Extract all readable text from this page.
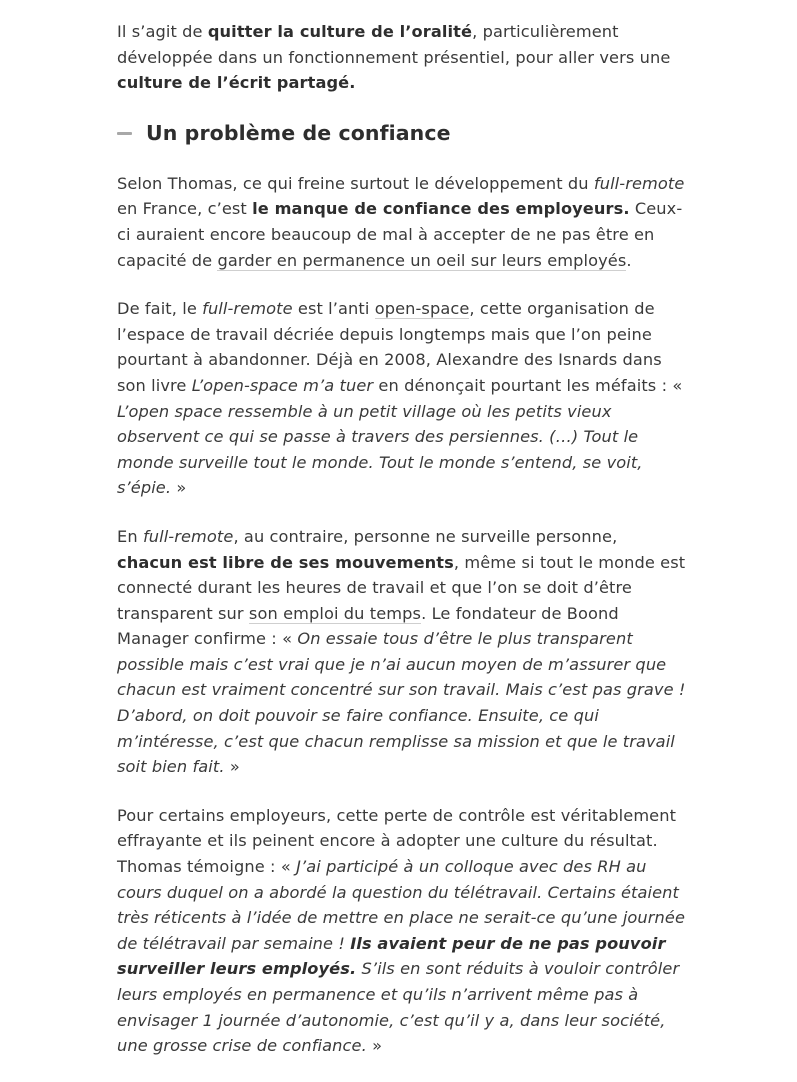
Il s’agit de quitter la culture de l’oralité, particulièrement développée dans un fonctionnement présentiel, pour aller vers une culture de l’écrit partagé.

Un problème de confiance

Selon Thomas, ce qui freine surtout le développement du full-remote en France, c’est le manque de confiance des employeurs. Ceux-ci auraient encore beaucoup de mal à accepter de ne pas être en capacité de garder en permanence un oeil sur leurs employés.

De fait, le full-remote est l’anti open-space, cette organisation de l’espace de travail décriée depuis longtemps mais que l’on peine pourtant à abandonner. Déjà en 2008, Alexandre des Isnards dans son livre L’open-space m’a tuer en dénonçait pourtant les méfaits : « L’open space ressemble à un petit village où les petits vieux observent ce qui se passe à travers des persiennes. (…) Tout le monde surveille tout le monde. Tout le monde s’entend, se voit, s’épie. »

En full-remote, au contraire, personne ne surveille personne, chacun est libre de ses mouvements, même si tout le monde est connecté durant les heures de travail et que l’on se doit d’être transparent sur son emploi du temps. Le fondateur de Boond Manager confirme : « On essaie tous d’être le plus transparent possible mais c’est vrai que je n’ai aucun moyen de m’assurer que chacun est vraiment concentré sur son travail. Mais c’est pas grave ! D’abord, on doit pouvoir se faire confiance. Ensuite, ce qui m’intéresse, c’est que chacun remplisse sa mission et que le travail soit bien fait. »

Pour certains employeurs, cette perte de contrôle est véritablement effrayante et ils peinent encore à adopter une culture du résultat. Thomas témoigne : « J’ai participé à un colloque avec des RH au cours duquel on a abordé la question du télétravail. Certains étaient très réticents à l’idée de mettre en place ne serait-ce qu’une journée de télétravail par semaine ! Ils avaient peur de ne pas pouvoir surveiller leurs employés. S’ils en sont réduits à vouloir contrôler leurs employés en permanence et qu’ils n’arrivent même pas à envisager 1 journée d’autonomie, c’est qu’il y a, dans leur société, une grosse crise de confiance. »
